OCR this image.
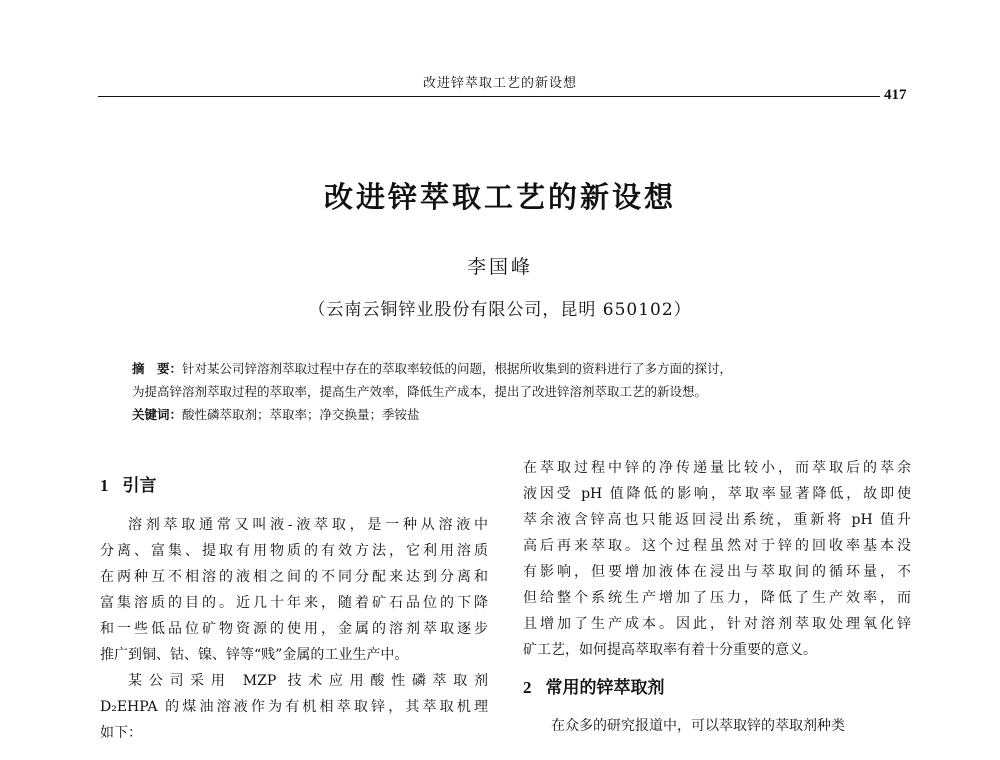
改进锌萃取工艺的新设想
417
改进锌萃取工艺的新设想
李国峰
（云南云铜锌业股份有限公司，昆明 650102）

摘　要：针对某公司锌溶剂萃取过程中存在的萃取率较低的问题，根据所收集到的资料进行了多方面的探讨，

为提高锌溶剂萃取过程的萃取率，提高生产效率，降低生产成本，提出了改进锌溶剂萃取工艺的新设想。

关键词：酸性磷萃取剂；萃取率；净交换量；季铵盐

1 引言

溶剂萃取通常又叫液-液萃取，是一种从溶液中

分离、富集、提取有用物质的有效方法，它利用溶质

在两种互不相溶的液相之间的不同分配来达到分离和

富集溶质的目的。近几十年来，随着矿石品位的下降

和一些低品位矿物资源的使用，金属的溶剂萃取逐步

推广到铜、钴、镍、锌等“贱”金属的工业生产中。

某公司采用 MZP 技术应用酸性磷萃取剂

D₂EHPA 的煤油溶液作为有机相萃取锌，其萃取机理

如下：

在萃取过程中锌的净传递量比较小，而萃取后的萃余

液因受 pH 值降低的影响，萃取率显著降低，故即使

萃余液含锌高也只能返回浸出系统，重新将 pH 值升

高后再来萃取。这个过程虽然对于锌的回收率基本没

有影响，但要增加液体在浸出与萃取间的循环量，不

但给整个系统生产增加了压力，降低了生产效率，而

且增加了生产成本。因此，针对溶剂萃取处理氧化锌

矿工艺，如何提高萃取率有着十分重要的意义。

2 常用的锌萃取剂

在众多的研究报道中，可以萃取锌的萃取剂种类
